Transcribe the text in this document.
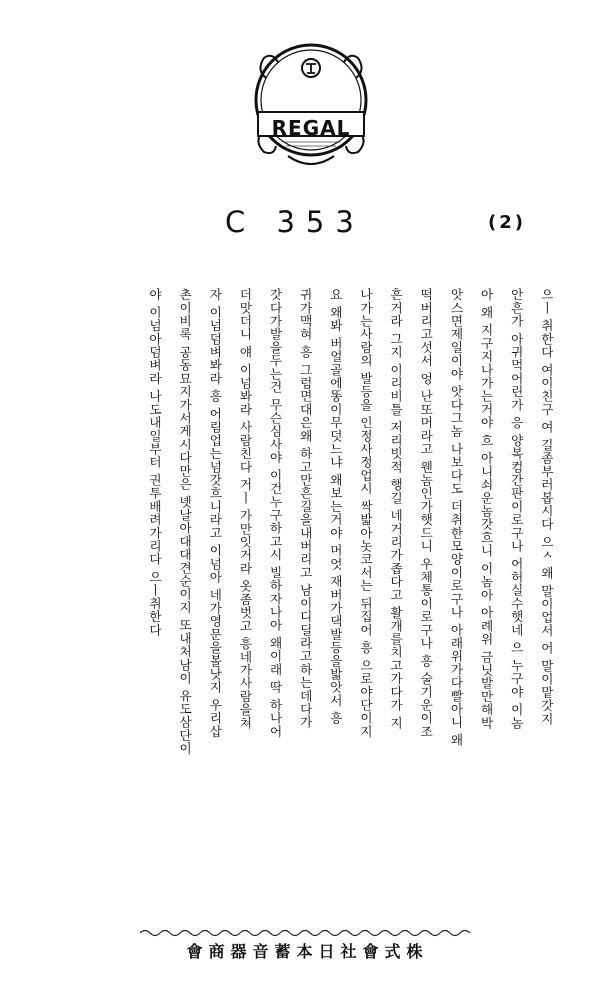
REGAL
C 353	(2)
으ㅣ 취한다 여이친구 여 길좀부러봅시다 으ㅅ 왜 말이업서 어 말이맡갓지
안흔가 아귀먹어린가 응 양복컴간판이로구나 어허실수햇네 으 누구야 이놈
아 왜 지구지나가는거야 흐 아니쇠운놈갓흐니 이놈아 아례위 금닛발만해박
앗스면제일이야 앗다그놈 나보다도 더취한모양이로구나 아래위가다빨아니 왜
떡버리고섯서 엉 난또머라고 웬놈인가햇드니 우체통이로구나 흥 술기운이조
흔거라 그지 이리비틀 저리빗적 행길 네거리가좁다고 활개를치고가다가 지
나가는사람의 발등을 인정사정업시 싹밟아놋코서는 뒤집어 흥 으로야단이지
요 왜봐 버얼골에똥이무덧느냐 왜보는거야 머엇 재버가댁발등을밟앗서 흥
귀가맥혀 흥 그럼면대은왜 하고만흔길을내버리고 남이디딜라고하는데다가
갓다가발을두는건 무슨심사야 이건누구하고시 빌하자나아 왜이래 딱 하나어
더맛더니 얘 이넘봐라 사람친다 거ㅣ 가만잇거라 옷좀벗고 흥네가사람을쳐
자 이넘덤벼봐라 흥 어림업는넘갓흐니라고 이넘아 네가영문을볼낫지 우리삽
촌이비록 공동묘지가서게시다만은 녯날아대대견순이지 또내처남이 유도삼단이
야 이넘아덤벼라 나도내일부터 권투배려가리다 으ㅣ취한다
會商器音蓄本日社會式株
